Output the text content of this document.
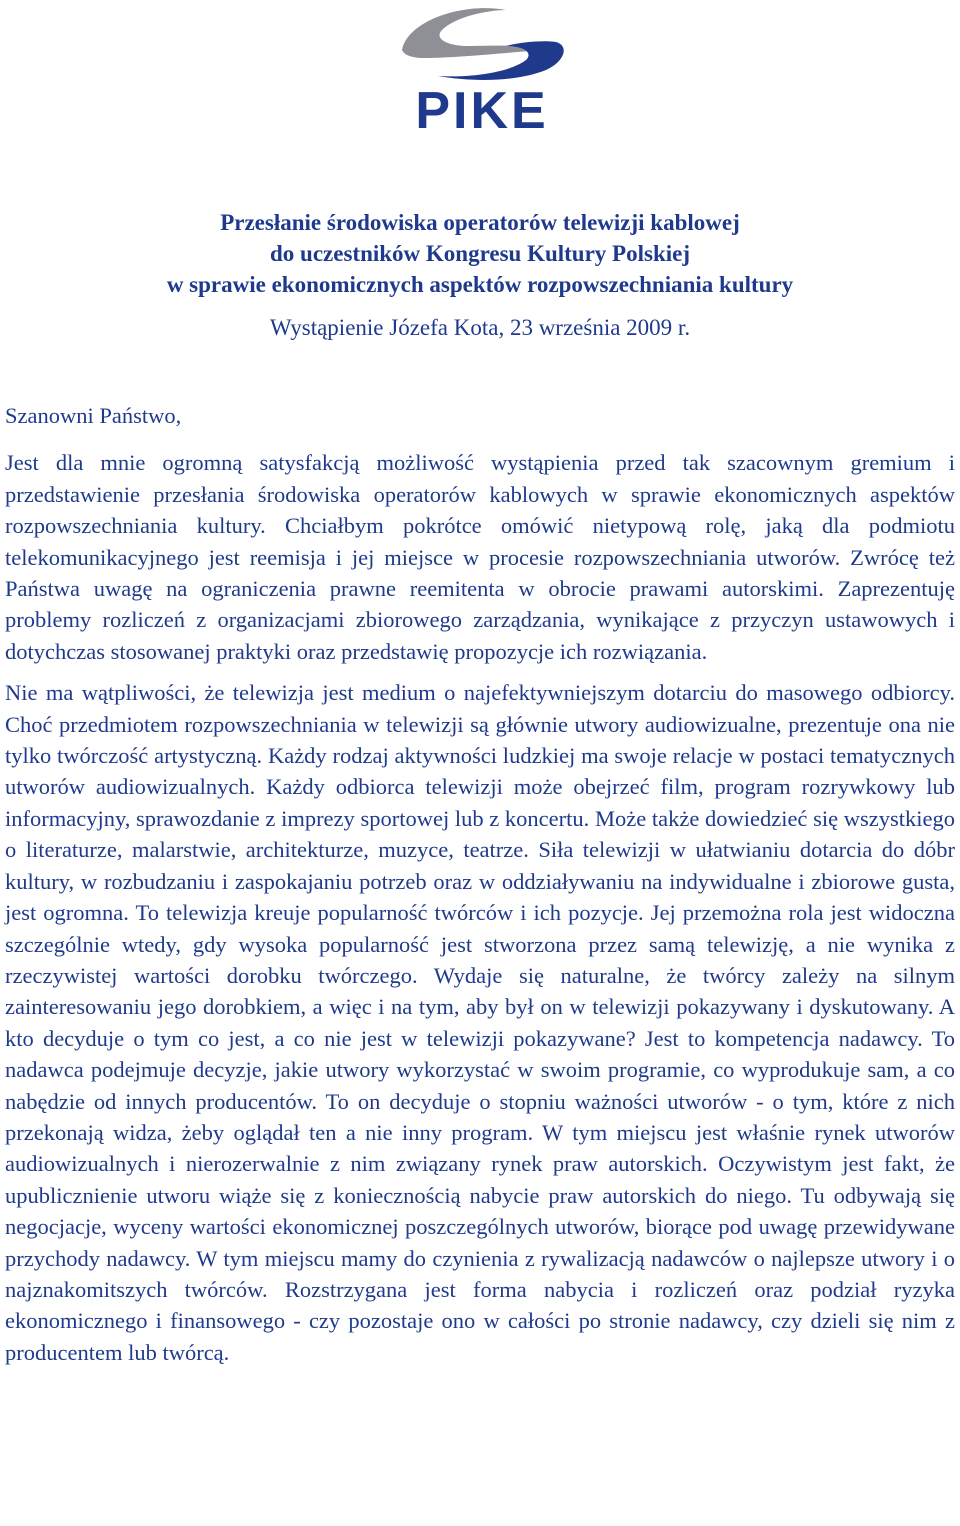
PIKE
Przesłanie środowiska operatorów telewizji kablowej
do uczestników Kongresu Kultury Polskiej
w sprawie ekonomicznych aspektów rozpowszechniania kultury
Wystąpienie Józefa Kota, 23 września 2009 r.

Szanowni Państwo,

Jest dla mnie ogromną satysfakcją możliwość wystąpienia przed tak szacownym gremium i przedstawienie przesłania środowiska operatorów kablowych w sprawie ekonomicznych aspektów rozpowszechniania kultury. Chciałbym pokrótce omówić nietypową rolę, jaką dla podmiotu telekomunikacyjnego jest reemisja i jej miejsce w procesie rozpowszechniania utworów. Zwrócę też Państwa uwagę na ograniczenia prawne reemitenta w obrocie prawami autorskimi. Zaprezentuję problemy rozliczeń z organizacjami zbiorowego zarządzania, wynikające z przyczyn ustawowych i dotychczas stosowanej praktyki oraz przedstawię propozycje ich rozwiązania.

Nie ma wątpliwości, że telewizja jest medium o najefektywniejszym dotarciu do masowego odbiorcy. Choć przedmiotem rozpowszechniania w telewizji są głównie utwory audiowizualne, prezentuje ona nie tylko twórczość artystyczną. Każdy rodzaj aktywności ludzkiej ma swoje relacje w postaci tematycznych utworów audiowizualnych. Każdy odbiorca telewizji może obejrzeć film, program rozrywkowy lub informacyjny, sprawozdanie z imprezy sportowej lub z koncertu. Może także dowiedzieć się wszystkiego o literaturze, malarstwie, architekturze, muzyce, teatrze. Siła telewizji w ułatwianiu dotarcia do dóbr kultury, w rozbudzaniu i zaspokajaniu potrzeb oraz w oddziaływaniu na indywidualne i zbiorowe gusta, jest ogromna. To telewizja kreuje popularność twórców i ich pozycje. Jej przemożna rola jest widoczna szczególnie wtedy, gdy wysoka popularność jest stworzona przez samą telewizję, a nie wynika z rzeczywistej wartości dorobku twórczego. Wydaje się naturalne, że twórcy zależy na silnym zainteresowaniu jego dorobkiem, a więc i na tym, aby był on w telewizji pokazywany i dyskutowany. A kto decyduje o tym co jest, a co nie jest w telewizji pokazywane? Jest to kompetencja nadawcy. To nadawca podejmuje decyzje, jakie utwory wykorzystać w swoim programie, co wyprodukuje sam, a co nabędzie od innych producentów. To on decyduje o stopniu ważności utworów - o tym, które z nich przekonają widza, żeby oglądał ten a nie inny program. W tym miejscu jest właśnie rynek utworów audiowizualnych i nierozerwalnie z nim związany rynek praw autorskich. Oczywistym jest fakt, że upublicznienie utworu wiąże się z koniecznością nabycie praw autorskich do niego. Tu odbywają się negocjacje, wyceny wartości ekonomicznej poszczególnych utworów, biorące pod uwagę przewidywane przychody nadawcy. W tym miejscu mamy do czynienia z rywalizacją nadawców o najlepsze utwory i o najznakomitszych twórców. Rozstrzygana jest forma nabycia i rozliczeń oraz podział ryzyka ekonomicznego i finansowego - czy pozostaje ono w całości po stronie nadawcy, czy dzieli się nim z producentem lub twórcą.
